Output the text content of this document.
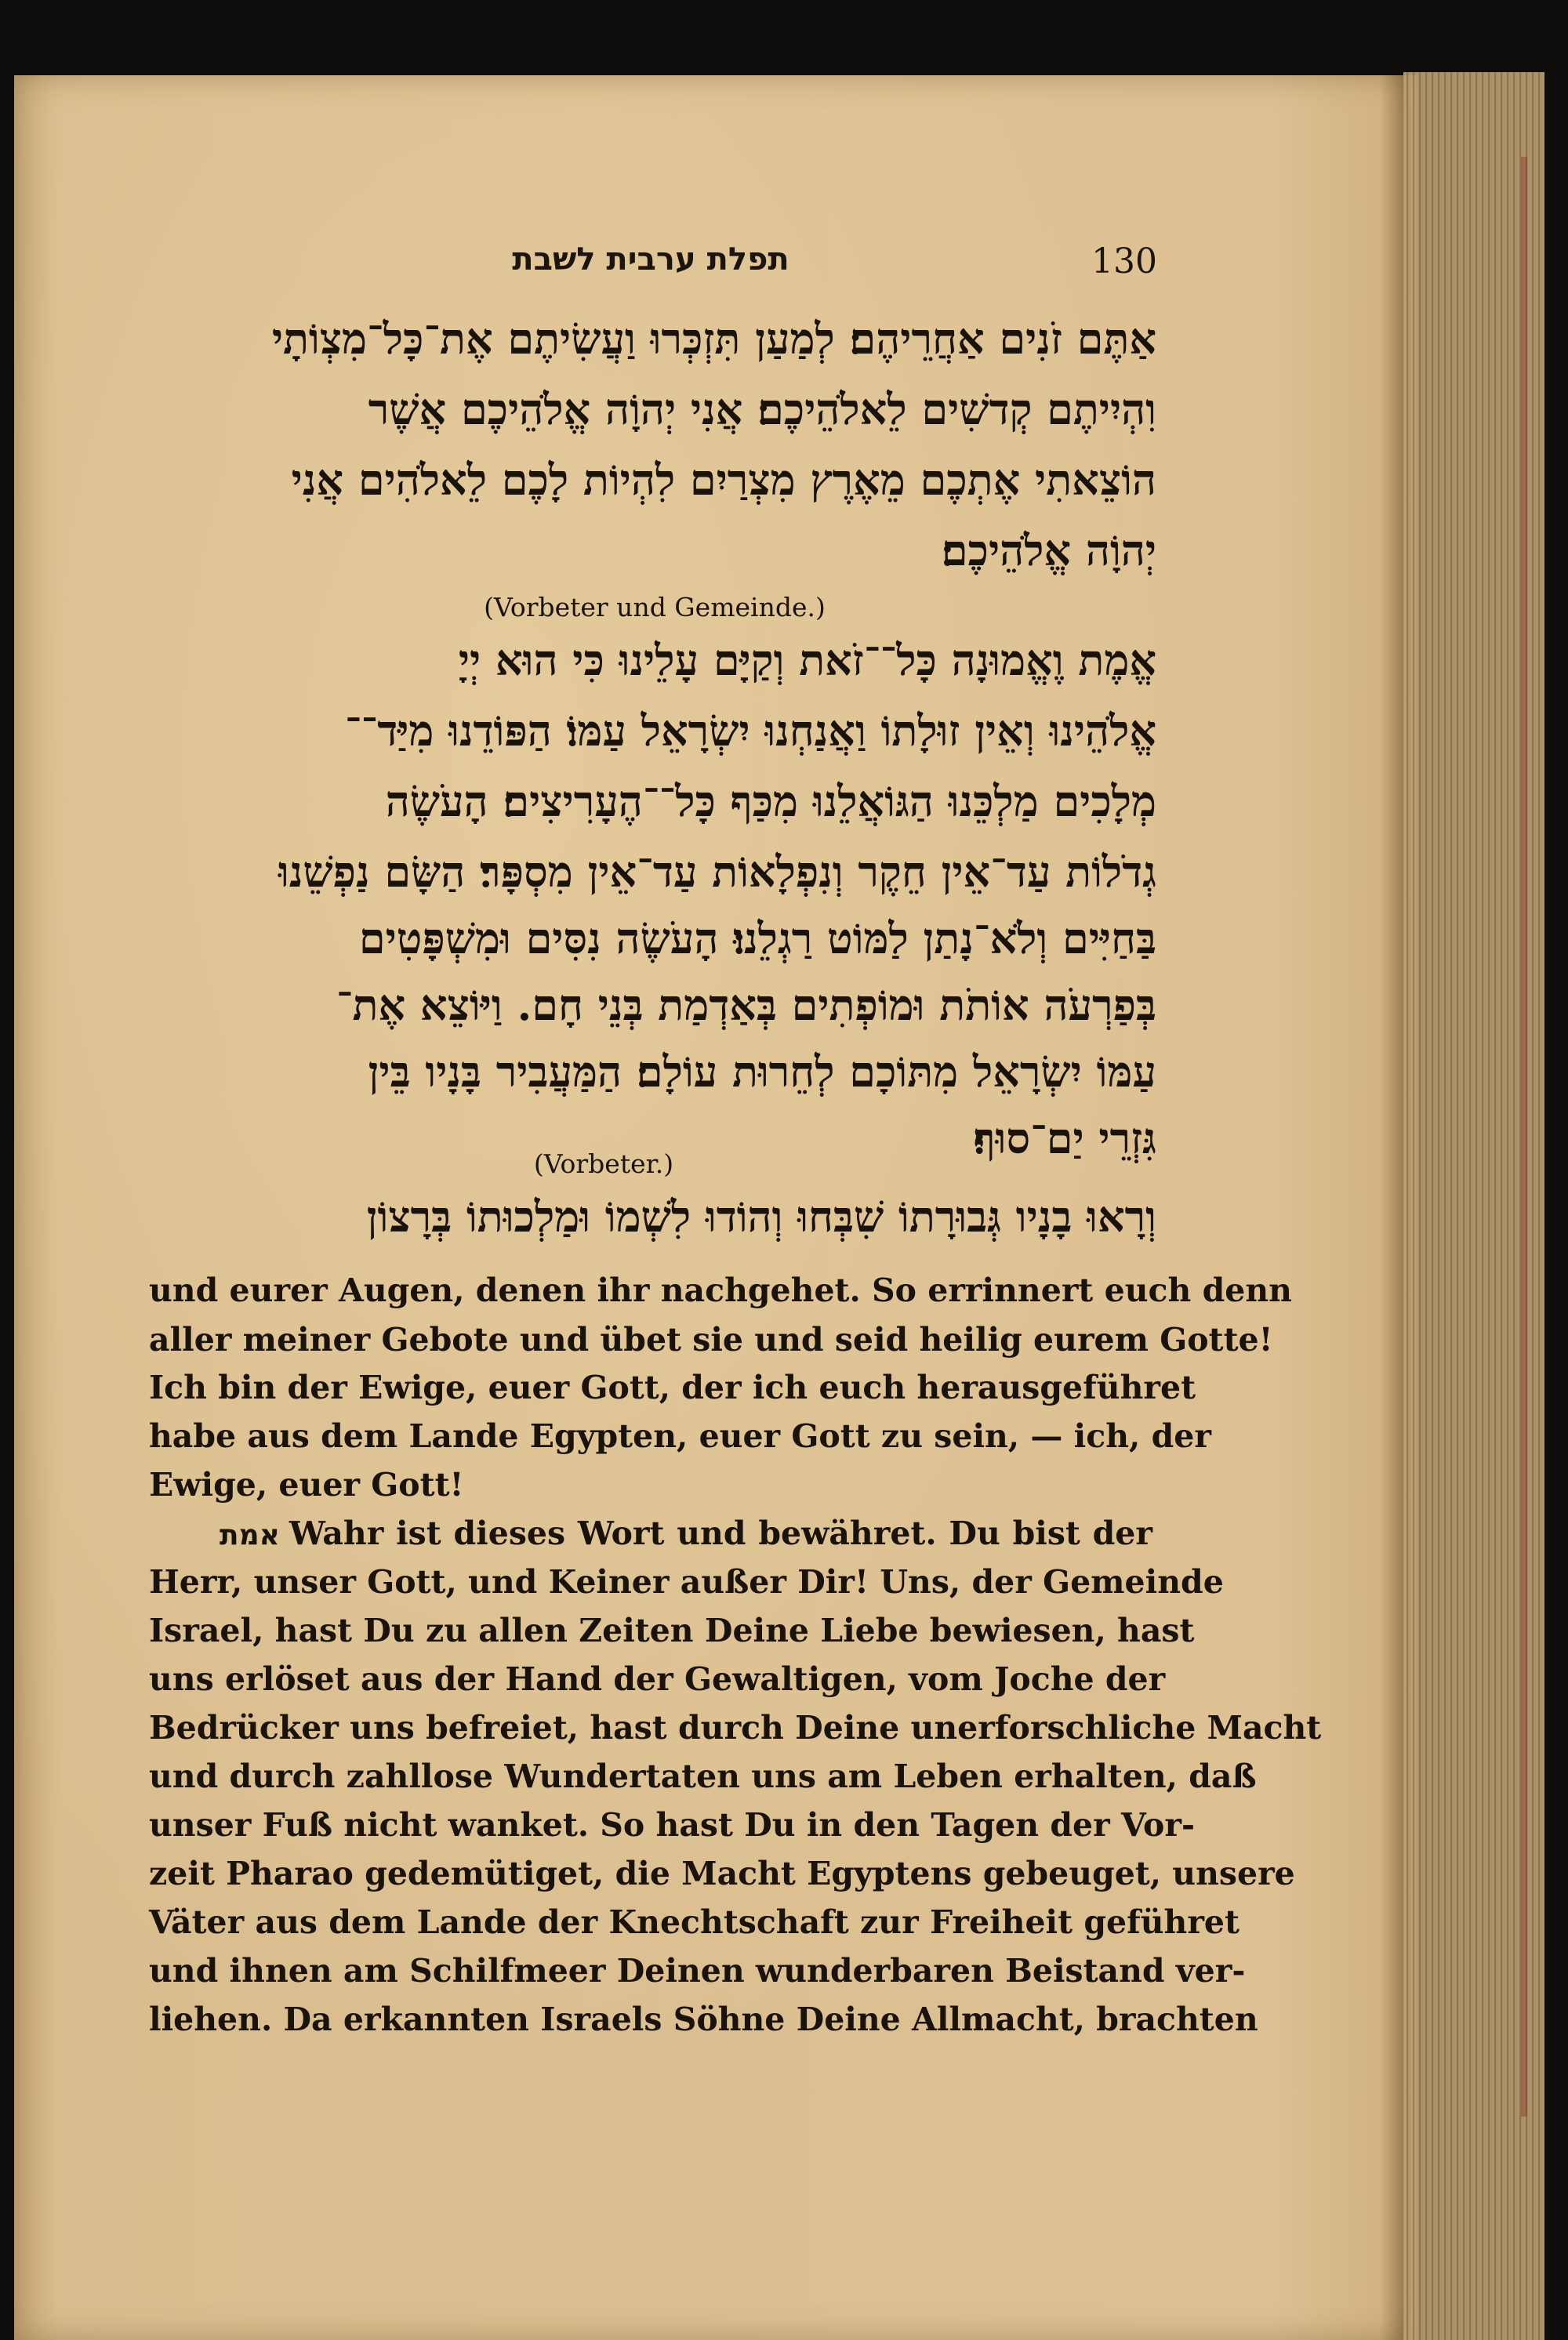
תפלת ערבית לשבת	130
אַתֶּם זֹנִים אַחֲרֵיהֶם׃ לְמַעַן תִּזְכְּרוּ וַעֲשִׂיתֶם אֶת־כָּל־מִצְוֹתָי
וִהְיִיתֶם קְדשִׁים לֵאלֹהֵיכֶם׃ אֲנִי יְהוָֹה אֱלֹהֵיכֶם אֲשֶׁר
הוֹצֵאתִי אֶתְכֶם מֵאֶרֶץ מִצְרַיִם לִהְיוֹת לָכֶם לֵאלֹהִים אֲנִי
יְהוָֹה אֱלֹהֵיכֶם׃
(Vorbeter und Gemeinde.)
אֱמֶת וֶאֱמוּנָה כָּל־־זֹאת וְקַיָּם עָלֵינוּ כִּי הוּא יְיָ
אֱלֹהֵינוּ וְאֵין זוּלָתוֹ וַאֲנַחְנוּ יִשְׂרָאֵל עַמּוֹ׃ הַפּוֹדֵנוּ מִיַּד־־
מְלָכִים מַלְכֵּנוּ הַגּוֹאֲלֵנוּ מִכַּף כָּל־־הֶעָרִיצִים׃ הָעֹשֶׂה
גְדֹלוֹת עַד־אֵין חֵקֶר וְנִפְלָאוֹת עַד־אֵין מִסְפָּר׃ הַשָּׂם נַפְשֵׁנוּ
בַּחַיִּים וְלֹא־נָתַן לַמּוֹט רַגְלֵנוּ׃ הָעֹשֶׂה נִסִּים וּמִשְׁפָּטִים
בְּפַרְעֹה אוֹתֹת וּמוֹפְתִים בְּאַדְמַת בְּנֵי חָם. וַיּוֹצֵא אֶת־
עַמּוֹ יִשְׂרָאֵל מִתּוֹכָם לְחֵרוּת עוֹלָם׃ הַמַּעֲבִיר בָּנָיו בֵּין
גִּזְרֵי יַם־סוּף׃
(Vorbeter.)
וְרָאוּ בָנָיו גְּבוּרָתוֹ שִׁבְּחוּ וְהוֹדוּ לִשְׁמוֹ וּמַלְכוּתוֹ בְּרָצוֹן
und eurer Augen, denen ihr nachgehet. So errinnert euch denn
aller meiner Gebote und übet sie und seid heilig eurem Gotte!
Ich bin der Ewige, euer Gott, der ich euch herausgeführet
habe aus dem Lande Egypten, euer Gott zu sein, — ich, der
Ewige, euer Gott!
אמת Wahr ist dieses Wort und bewähret. Du bist der
Herr, unser Gott, und Keiner außer Dir! Uns, der Gemeinde
Israel, hast Du zu allen Zeiten Deine Liebe bewiesen, hast
uns erlöset aus der Hand der Gewaltigen, vom Joche der
Bedrücker uns befreiet, hast durch Deine unerforschliche Macht
und durch zahllose Wundertaten uns am Leben erhalten, daß
unser Fuß nicht wanket. So hast Du in den Tagen der Vor-
zeit Pharao gedemütiget, die Macht Egyptens gebeuget, unsere
Väter aus dem Lande der Knechtschaft zur Freiheit geführet
und ihnen am Schilfmeer Deinen wunderbaren Beistand ver-
liehen. Da erkannten Israels Söhne Deine Allmacht, brachten
